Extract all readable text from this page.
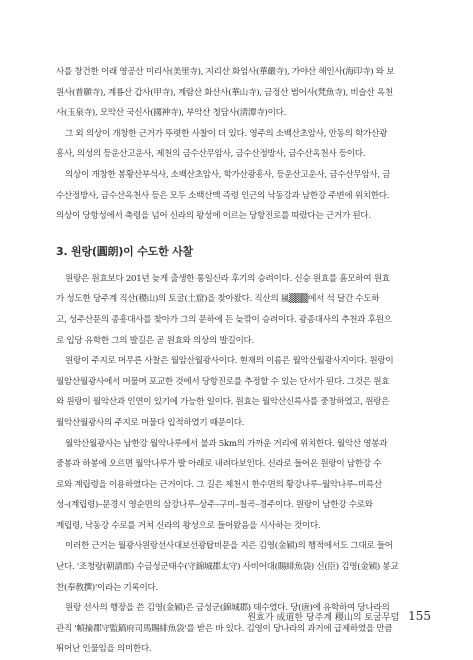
사를 창건한 이래 영공산 미리사(美里寺), 지리산 화엄사(華嚴寺), 가야산 해인사(海印寺) 와 보

원사(普願寺), 계룡산 갑사(甲寺), 계람산 화산사(華山寺), 금정산 범어사(梵魚寺), 비슬산 옥천

사(玉泉寺), 모악산 국신사(國神寺), 부악산 청담사(淸潭寺)이다.

그 외 의상이 개창한 근거가 뚜렷한 사찰이 더 있다. 영주의 소백산초암사, 안동의 학가산광

흥사, 의성의 등운산고운사, 제천의 금수산무암사, 금수산정방사, 금수산옥천사 등이다.

의상이 개창한 봉황산부석사, 소백산초암사, 학가산광흥사, 등운산고운사, 금수산무암사, 금

수산정방사, 금수산옥천사 등은 모두 소백산맥 즉령 인근의 낙동강과 남한강 주변에 위치한다.

의상이 당항성에서 축령을 넘어 신라의 왕성에 이르는 당항진로를 따랐다는 근거가 된다.

3. 원랑(圓朗)이 수도한 사찰

원랑은 원효보다 201년 늦게 출생한 통일신라 후기의 승려이다. 신승 원효를 흠모하여 원효

가 성도한 당주계 직산(稷山)의 토굴(土窟)을 찾아왔다. 직산의 嵐▒▒▒에서 석 달간 수도하

고, 성주산문의 종흥대사를 찾아가 그의 문하에 든 늦깎이 승려이다. 광종대사의 추천과 후원으

로 입당 유학한 그의 발길은 곧 원효와 의상의 발길이다.

원랑이 주지로 머무른 사찰은 월암산월광사이다. 현재의 이름은 월악산월광사지이다. 원랑이

월암산월광사에서 머물며 포교한 것에서 당항진로를 추정할 수 있는 단서가 된다. 그것은 원효

와 원랑이 월악산과 인연이 있기에 가능한 일이다. 원효는 월악산신륵사를 중창하였고, 원랑은

월악산월광사의 주지로 머물다 입적하였기 때문이다.

월악산월광사는 남한강 월악나루에서 불과 5km의 가까운 거리에 위치한다. 월악산 영봉과

중봉과 하봉에 오르면 월악나루가 발 아래로 내려다보인다. 신라로 들어온 원랑이 남한강 수

로와 계립령을 이용하였다는 근거이다. 그 길은 제천시 한수면의 황강나루–월악나루–미륵산

성–(계립령)–문경시 영순면의 삼강나루–상주–구미–칠곡–경주이다. 원랑이 남한강 수로와

계립령, 낙동강 수로를 거쳐 신라의 왕성으로 들어왔음을 시사하는 것이다.

이러한 근거는 월광사원랑선사대보선광탑비문을 지은 김영(金穎)의 행적에서도 그대로 들어

난다. '조청랑(朝請郎) 수금성군태수(守錦城郡太守) 사비어대(賜緋魚袋) 신(臣) 김영(金穎) 봉교

찬(奉敎撰)'이라는 기록이다.

원랑 선사의 행장을 쓴 김영(金穎)은 금성군(錦城郡) 태수였다. 당(唐)에 유학하여 당나라의

관직 '幀掄郡守監鎬府司馬賜緋魚袋'를 받은 바 있다. 김영이 당나라의 과거에 급제하였을 만큼

뛰어난 인물임을 의미한다.

원효가 成道한 당주계 稷山의 토굴무덤 155
